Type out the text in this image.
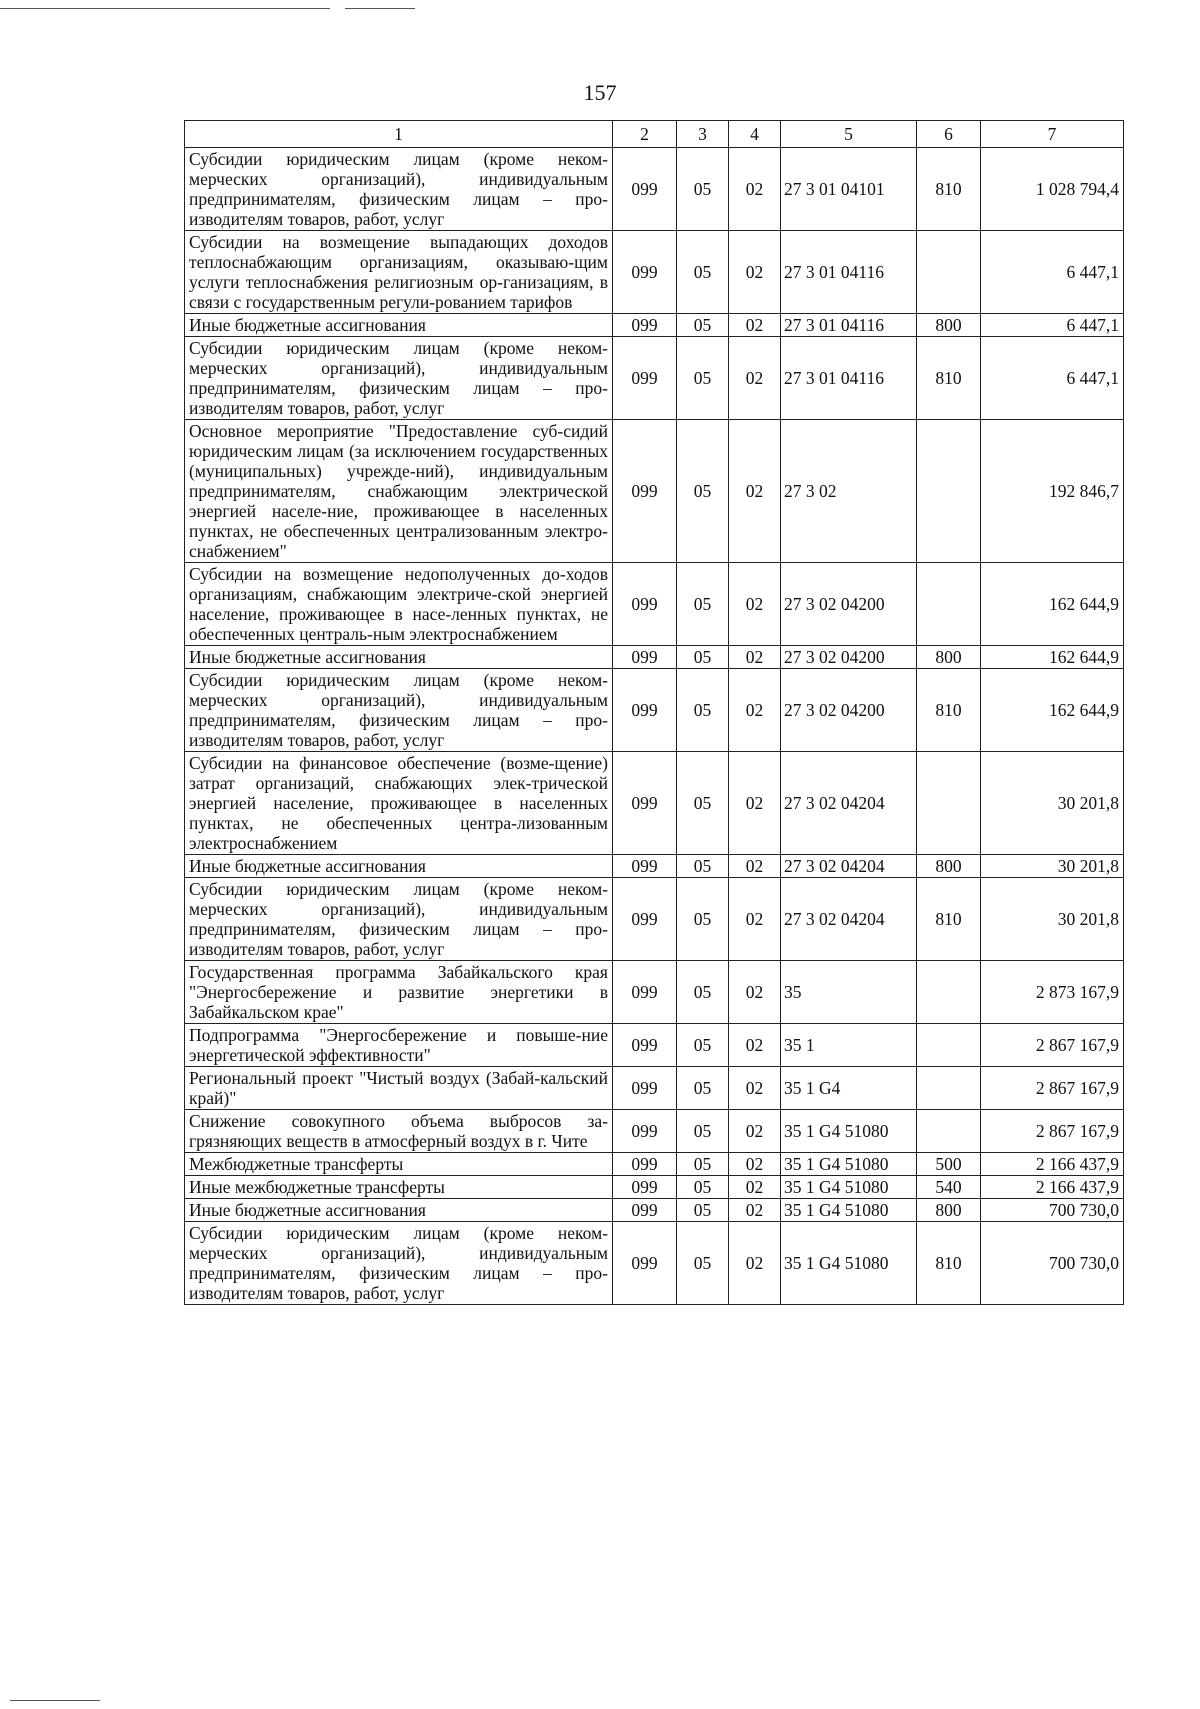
157
1	2	3	4	5	6	7
Субсидии юридическим лицам (кроме неком-мерческих организаций), индивидуальным предпринимателям, физическим лицам – про-изводителям товаров, работ, услуг	099	05	02	27 3 01 04101	810	1 028 794,4
Субсидии на возмещение выпадающих доходов теплоснабжающим организациям, оказываю-щим услуги теплоснабжения религиозным ор-ганизациям, в связи с государственным регули-рованием тарифов	099	05	02	27 3 01 04116		6 447,1
Иные бюджетные ассигнования	099	05	02	27 3 01 04116	800	6 447,1
Субсидии юридическим лицам (кроме неком-мерческих организаций), индивидуальным предпринимателям, физическим лицам – про-изводителям товаров, работ, услуг	099	05	02	27 3 01 04116	810	6 447,1
Основное мероприятие "Предоставление суб-сидий юридическим лицам (за исключением государственных (муниципальных) учрежде-ний), индивидуальным предпринимателям, снабжающим электрической энергией населе-ние, проживающее в населенных пунктах, не обеспеченных централизованным электро-снабжением"	099	05	02	27 3 02		192 846,7
Субсидии на возмещение недополученных до-ходов организациям, снабжающим электриче-ской энергией население, проживающее в насе-ленных пунктах, не обеспеченных централь-ным электроснабжением	099	05	02	27 3 02 04200		162 644,9
Иные бюджетные ассигнования	099	05	02	27 3 02 04200	800	162 644,9
Субсидии юридическим лицам (кроме неком-мерческих организаций), индивидуальным предпринимателям, физическим лицам – про-изводителям товаров, работ, услуг	099	05	02	27 3 02 04200	810	162 644,9
Субсидии на финансовое обеспечение (возме-щение) затрат организаций, снабжающих элек-трической энергией население, проживающее в населенных пунктах, не обеспеченных центра-лизованным электроснабжением	099	05	02	27 3 02 04204		30 201,8
Иные бюджетные ассигнования	099	05	02	27 3 02 04204	800	30 201,8
Субсидии юридическим лицам (кроме неком-мерческих организаций), индивидуальным предпринимателям, физическим лицам – про-изводителям товаров, работ, услуг	099	05	02	27 3 02 04204	810	30 201,8
Государственная программа Забайкальского края "Энергосбережение и развитие энергетики в Забайкальском крае"	099	05	02	35		2 873 167,9
Подпрограмма "Энергосбережение и повыше-ние энергетической эффективности"	099	05	02	35 1		2 867 167,9
Региональный проект "Чистый воздух (Забай-кальский край)"	099	05	02	35 1 G4		2 867 167,9
Снижение совокупного объема выбросов за-грязняющих веществ в атмосферный воздух в г. Чите	099	05	02	35 1 G4 51080		2 867 167,9
Межбюджетные трансферты	099	05	02	35 1 G4 51080	500	2 166 437,9
Иные межбюджетные трансферты	099	05	02	35 1 G4 51080	540	2 166 437,9
Иные бюджетные ассигнования	099	05	02	35 1 G4 51080	800	700 730,0
Субсидии юридическим лицам (кроме неком-мерческих организаций), индивидуальным предпринимателям, физическим лицам – про-изводителям товаров, работ, услуг	099	05	02	35 1 G4 51080	810	700 730,0
